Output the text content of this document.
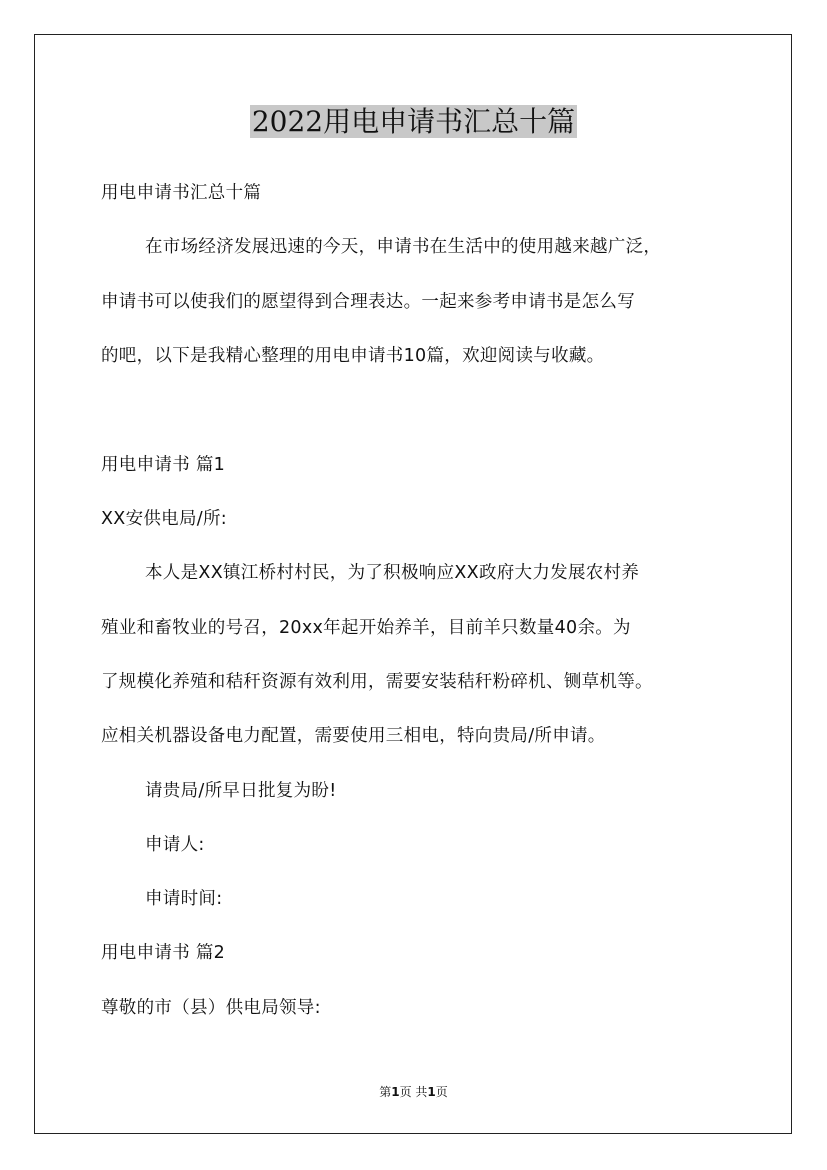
2022用电申请书汇总十篇
用电申请书汇总十篇
在市场经济发展迅速的今天，申请书在生活中的使用越来越广泛，
申请书可以使我们的愿望得到合理表达。一起来参考申请书是怎么写
的吧，以下是我精心整理的用电申请书10篇，欢迎阅读与收藏。
用电申请书 篇1
XX安供电局/所:
本人是XX镇江桥村村民，为了积极响应XX政府大力发展农村养
殖业和畜牧业的号召，20xx年起开始养羊，目前羊只数量40余。为
了规模化养殖和秸秆资源有效利用，需要安装秸秆粉碎机、铡草机等。
应相关机器设备电力配置，需要使用三相电，特向贵局/所申请。
请贵局/所早日批复为盼!
申请人:
申请时间:
用电申请书 篇2
尊敬的市（县）供电局领导:
第1页 共1页
